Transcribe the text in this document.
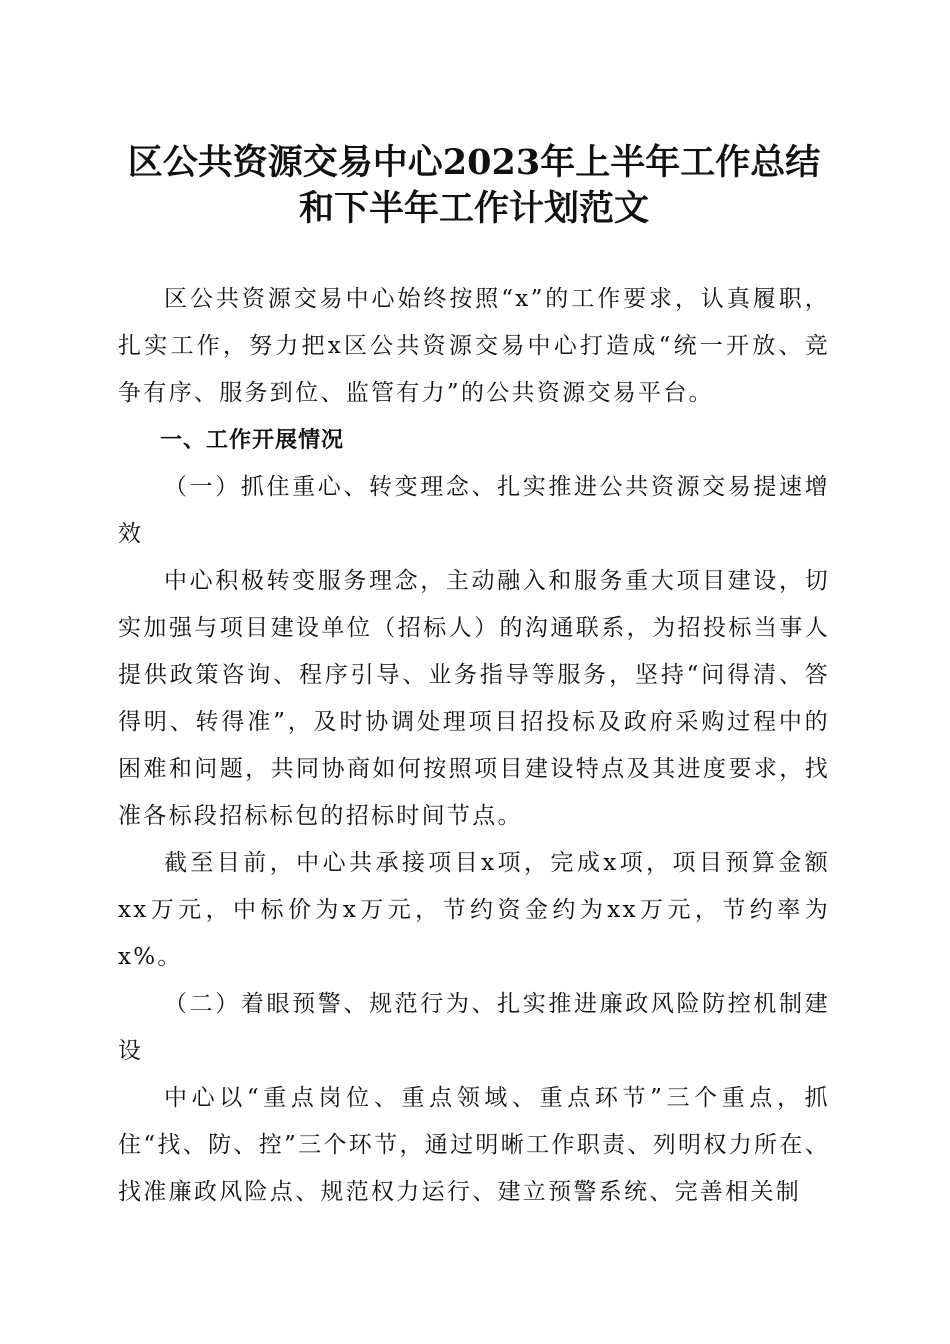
区公共资源交易中心2023年上半年工作总结
和下半年工作计划范文

区公共资源交易中心始终按照“x”的工作要求，认真履职，扎实工作，努力把x区公共资源交易中心打造成“统一开放、竞争有序、服务到位、监管有力”的公共资源交易平台。

一、工作开展情况

（一）抓住重心、转变理念、扎实推进公共资源交易提速增效

中心积极转变服务理念，主动融入和服务重大项目建设，切实加强与项目建设单位（招标人）的沟通联系，为招投标当事人提供政策咨询、程序引导、业务指导等服务，坚持“问得清、答得明、转得准”，及时协调处理项目招投标及政府采购过程中的困难和问题，共同协商如何按照项目建设特点及其进度要求，找准各标段招标标包的招标时间节点。

截至目前，中心共承接项目x项，完成x项，项目预算金额xx万元，中标价为x万元，节约资金约为xx万元，节约率为x%。

（二）着眼预警、规范行为、扎实推进廉政风险防控机制建设

中心以“重点岗位、重点领域、重点环节”三个重点，抓住“找、防、控”三个环节，通过明晰工作职责、列明权力所在、找准廉政风险点、规范权力运行、建立预警系统、完善相关制
